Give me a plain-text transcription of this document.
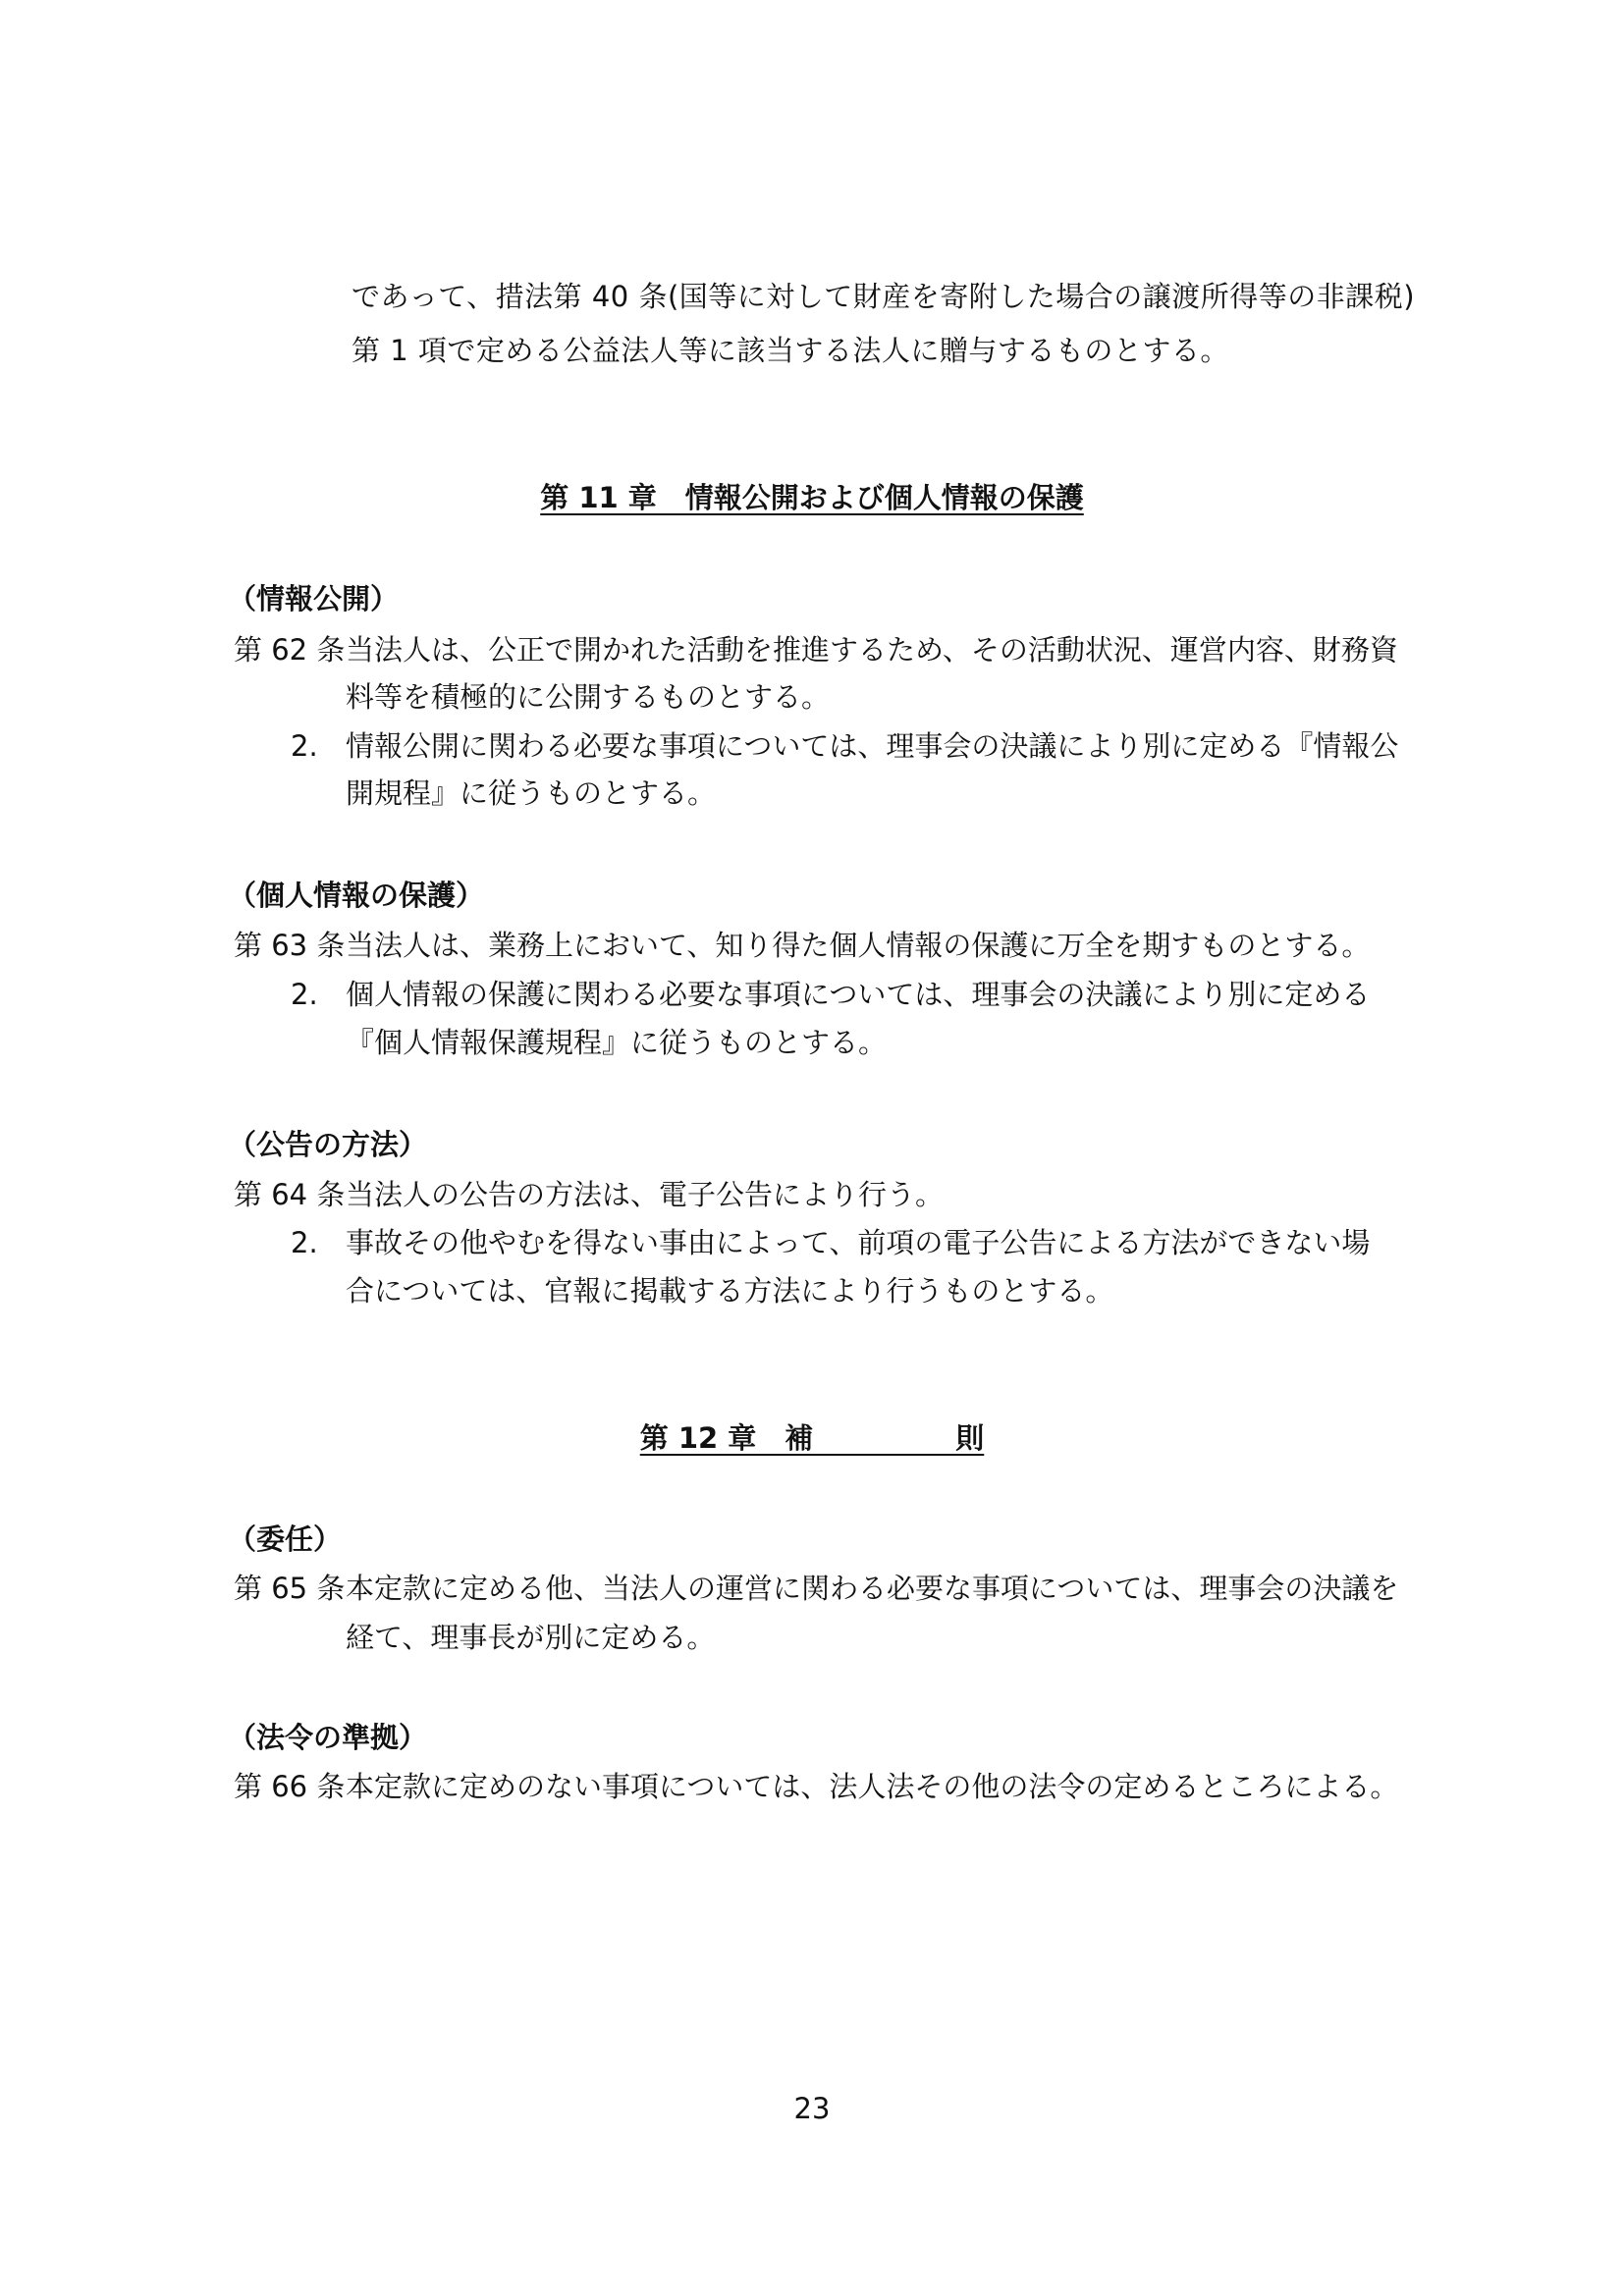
であって、措法第 40 条(国等に対して財産を寄附した場合の譲渡所得等の非課税)
第 1 項で定める公益法人等に該当する法人に贈与するものとする。
第 11 章　情報公開および個人情報の保護
（情報公開）
第 62 条 当法人は、公正で開かれた活動を推進するため、その活動状況、運営内容、財務資
料等を積極的に公開するものとする。
2. 情報公開に関わる必要な事項については、理事会の決議により別に定める『情報公
開規程』に従うものとする。
（個人情報の保護）
第 63 条 当法人は、業務上において、知り得た個人情報の保護に万全を期すものとする。
2. 個人情報の保護に関わる必要な事項については、理事会の決議により別に定める
『個人情報保護規程』に従うものとする。
（公告の方法）
第 64 条 当法人の公告の方法は、電子公告により行う。
2. 事故その他やむを得ない事由によって、前項の電子公告による方法ができない場
合については、官報に掲載する方法により行うものとする。
第 12 章　補　　　　　則
（委任）
第 65 条 本定款に定める他、当法人の運営に関わる必要な事項については、理事会の決議を
経て、理事長が別に定める。
（法令の準拠）
第 66 条 本定款に定めのない事項については、法人法その他の法令の定めるところによる。
23
